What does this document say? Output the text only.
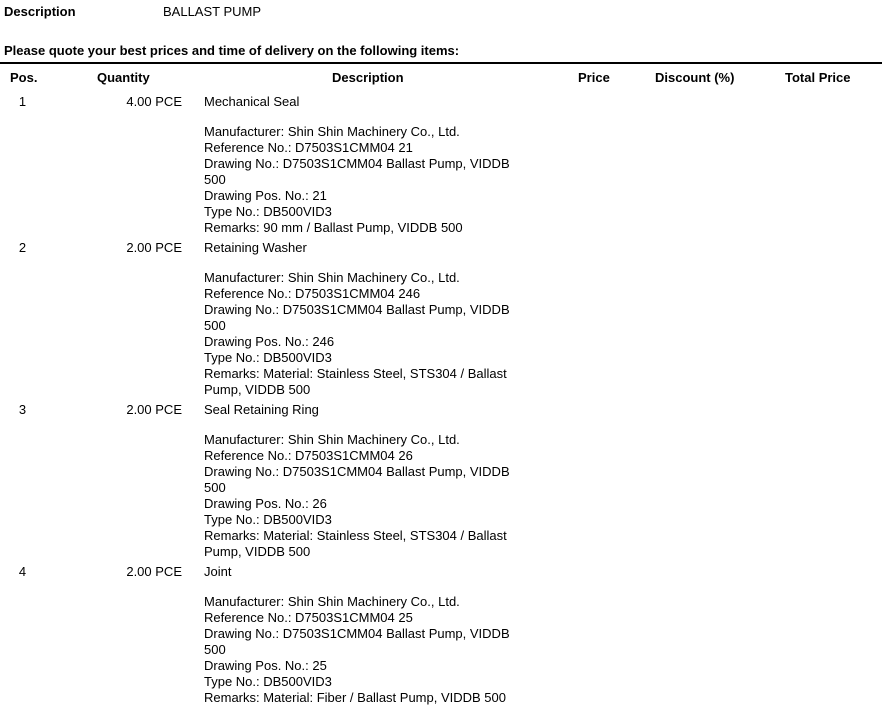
Description	BALLAST PUMP
Please quote your best prices and time of delivery on the following items:
Pos.	Quantity	Description	Price	Discount (%)	Total Price
1	4.00 PCE Mechanical Seal
Manufacturer: Shin Shin Machinery Co., Ltd.
Reference No.: D7503S1CMM04 21
Drawing No.: D7503S1CMM04 Ballast Pump, VIDDB 500
Drawing Pos. No.: 21
Type No.: DB500VID3
Remarks: 90 mm / Ballast Pump, VIDDB 500
2	2.00 PCE Retaining Washer
Manufacturer: Shin Shin Machinery Co., Ltd.
Reference No.: D7503S1CMM04 246
Drawing No.: D7503S1CMM04 Ballast Pump, VIDDB 500
Drawing Pos. No.: 246
Type No.: DB500VID3
Remarks: Material: Stainless Steel, STS304 / Ballast Pump, VIDDB 500
3	2.00 PCE Seal Retaining Ring
Manufacturer: Shin Shin Machinery Co., Ltd.
Reference No.: D7503S1CMM04 26
Drawing No.: D7503S1CMM04 Ballast Pump, VIDDB 500
Drawing Pos. No.: 26
Type No.: DB500VID3
Remarks: Material: Stainless Steel, STS304 / Ballast Pump, VIDDB 500
4	2.00 PCE Joint
Manufacturer: Shin Shin Machinery Co., Ltd.
Reference No.: D7503S1CMM04 25
Drawing No.: D7503S1CMM04 Ballast Pump, VIDDB 500
Drawing Pos. No.: 25
Type No.: DB500VID3
Remarks: Material: Fiber / Ballast Pump, VIDDB 500
